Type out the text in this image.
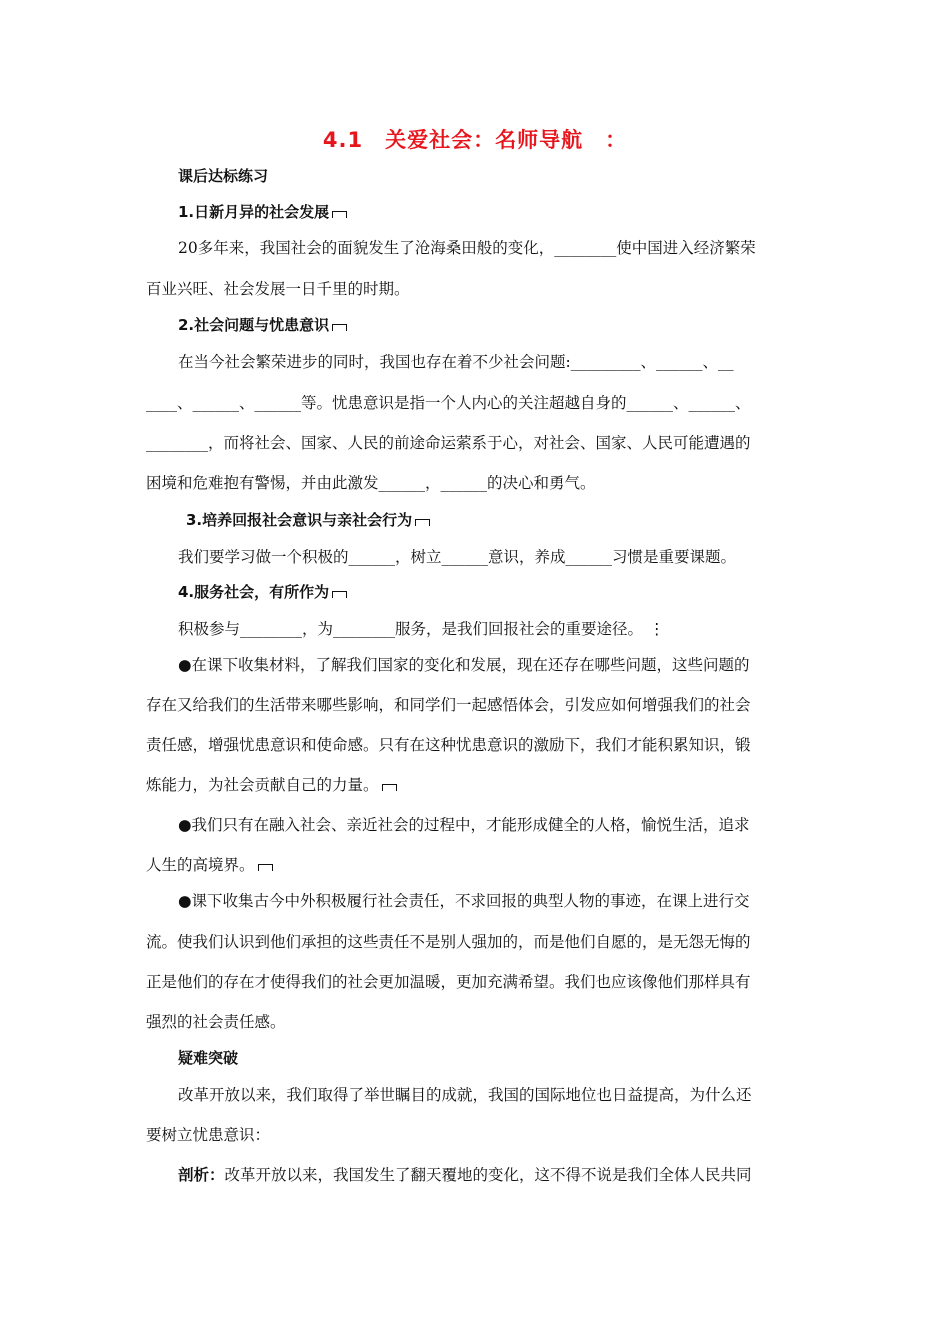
4.1　关爱社会：名师导航　：
课后达标练习
1.日新月异的社会发展
20多年来，我国社会的面貌发生了沧海桑田般的变化，________使中国进入经济繁荣
百业兴旺、社会发展一日千里的时期。
2.社会问题与忧患意识
在当今社会繁荣进步的同时，我国也存在着不少社会问题:_________、______、__
____、______、______等。忧患意识是指一个人内心的关注超越自身的______、______、
________，而将社会、国家、人民的前途命运萦系于心，对社会、国家、人民可能遭遇的
困境和危难抱有警惕，并由此激发______，______的决心和勇气。
3.培养回报社会意识与亲社会行为
我们要学习做一个积极的______，树立______意识，养成______习惯是重要课题。
4.服务社会，有所作为
积极参与________，为________服务，是我们回报社会的重要途径。 ⋮
●在课下收集材料，了解我们国家的变化和发展，现在还存在哪些问题，这些问题的
存在又给我们的生活带来哪些影响，和同学们一起感悟体会，引发应如何增强我们的社会
责任感，增强忧患意识和使命感。只有在这种忧患意识的激励下，我们才能积累知识，锻
炼能力，为社会贡献自己的力量。
●我们只有在融入社会、亲近社会的过程中，才能形成健全的人格，愉悦生活，追求
人生的高境界。
●课下收集古今中外积极履行社会责任，不求回报的典型人物的事迹，在课上进行交
流。使我们认识到他们承担的这些责任不是别人强加的，而是他们自愿的，是无怨无悔的
正是他们的存在才使得我们的社会更加温暖，更加充满希望。我们也应该像他们那样具有
强烈的社会责任感。
疑难突破
改革开放以来，我们取得了举世瞩目的成就，我国的国际地位也日益提高，为什么还
要树立忧患意识：
剖析：改革开放以来，我国发生了翻天覆地的变化，这不得不说是我们全体人民共同
